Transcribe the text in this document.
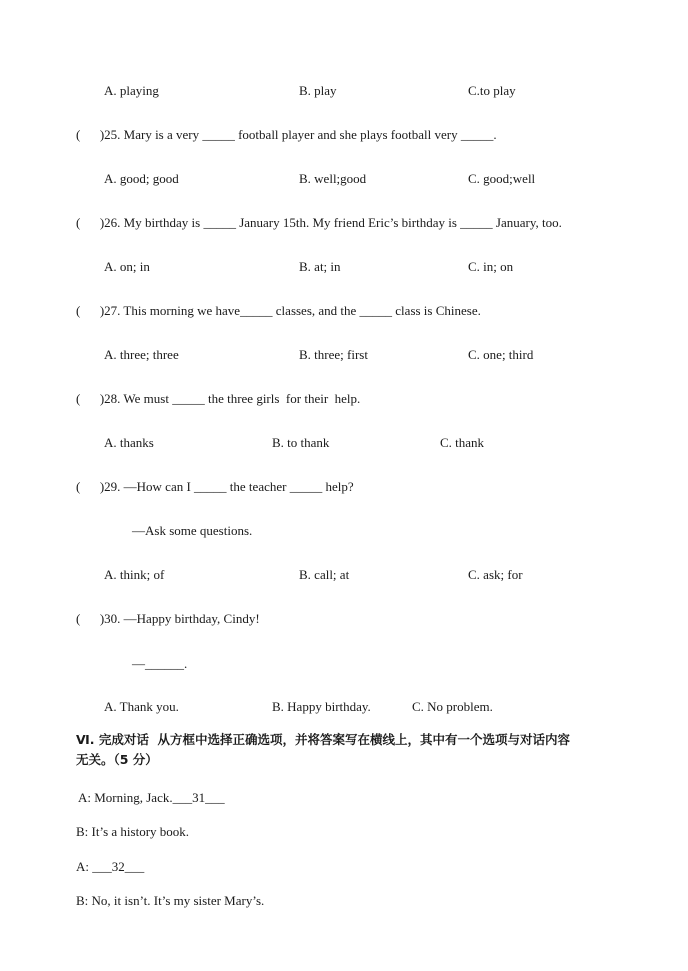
A. playing	B. play	C.to play
(      )25. Mary is a very _____ football player and she plays football very _____.
A. good; good	B. well;good	C. good;well
(      )26. My birthday is _____ January 15th. My friend Eric’s birthday is _____ January, too.
A. on; in	B. at; in	C. in; on
(      )27. This morning we have_____ classes, and the _____ class is Chinese.
A. three; three	B. three; first	C. one; third
(      )28. We must _____ the three girls  for their  help.
A. thanks	B. to thank	C. thank
(      )29. —How can I _____ the teacher _____ help?
—Ask some questions.
A. think; of	B. call; at	C. ask; for
(      )30. —Happy birthday, Cindy!
—______.
A. Thank you.	B. Happy birthday.	C. No problem.
Ⅵ. 完成对话  从方框中选择正确选项，并将答案写在横线上，其中有一个选项与对话内容
无关。（5 分）
A: Morning, Jack.___31___
B: It’s a history book.
A: ___32___
B: No, it isn’t. It’s my sister Mary’s.
